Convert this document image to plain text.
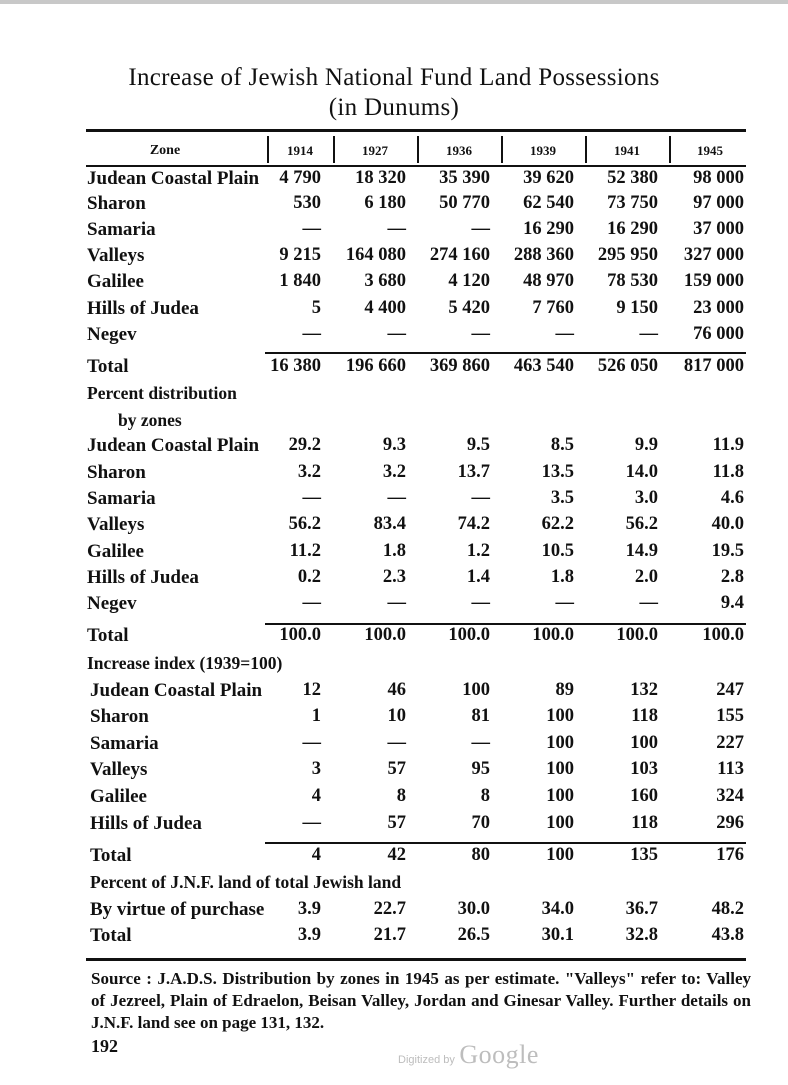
Increase of Jewish National Fund Land Possessions
(in Dunums)
Zone	1914	1927	1936	1939	1941	1945
Judean Coastal Plain	4 790	18 320	35 390	39 620	52 380	98 000
Sharon	530	6 180	50 770	62 540	73 750	97 000
Samaria	—	—	—	16 290	16 290	37 000
Valleys	9 215	164 080	274 160	288 360	295 950	327 000
Galilee	1 840	3 680	4 120	48 970	78 530	159 000
Hills of Judea	5	4 400	5 420	7 760	9 150	23 000
Negev	—	—	—	—	—	76 000
Total	16 380	196 660	369 860	463 540	526 050	817 000
Percent distribution
by zones
Judean Coastal Plain	29.2	9.3	9.5	8.5	9.9	11.9
Sharon	3.2	3.2	13.7	13.5	14.0	11.8
Samaria	—	—	—	3.5	3.0	4.6
Valleys	56.2	83.4	74.2	62.2	56.2	40.0
Galilee	11.2	1.8	1.2	10.5	14.9	19.5
Hills of Judea	0.2	2.3	1.4	1.8	2.0	2.8
Negev	—	—	—	—	—	9.4
Total	100.0	100.0	100.0	100.0	100.0	100.0
Increase index (1939=100)
Judean Coastal Plain	12	46	100	89	132	247
Sharon	1	10	81	100	118	155
Samaria	—	—	—	100	100	227
Valleys	3	57	95	100	103	113
Galilee	4	8	8	100	160	324
Hills of Judea	—	57	70	100	118	296
Total	4	42	80	100	135	176
Percent of J.N.F. land of total Jewish land
By virtue of purchase	3.9	22.7	30.0	34.0	36.7	48.2
Total	3.9	21.7	26.5	30.1	32.8	43.8
Source : J.A.D.S. Distribution by zones in 1945 as per estimate. "Valleys" refer to: Valley of Jezreel, Plain of Edraelon, Beisan Valley, Jordan and Ginesar Valley. Further details on J.N.F. land see on page 131, 132.
192
Digitized by Google
